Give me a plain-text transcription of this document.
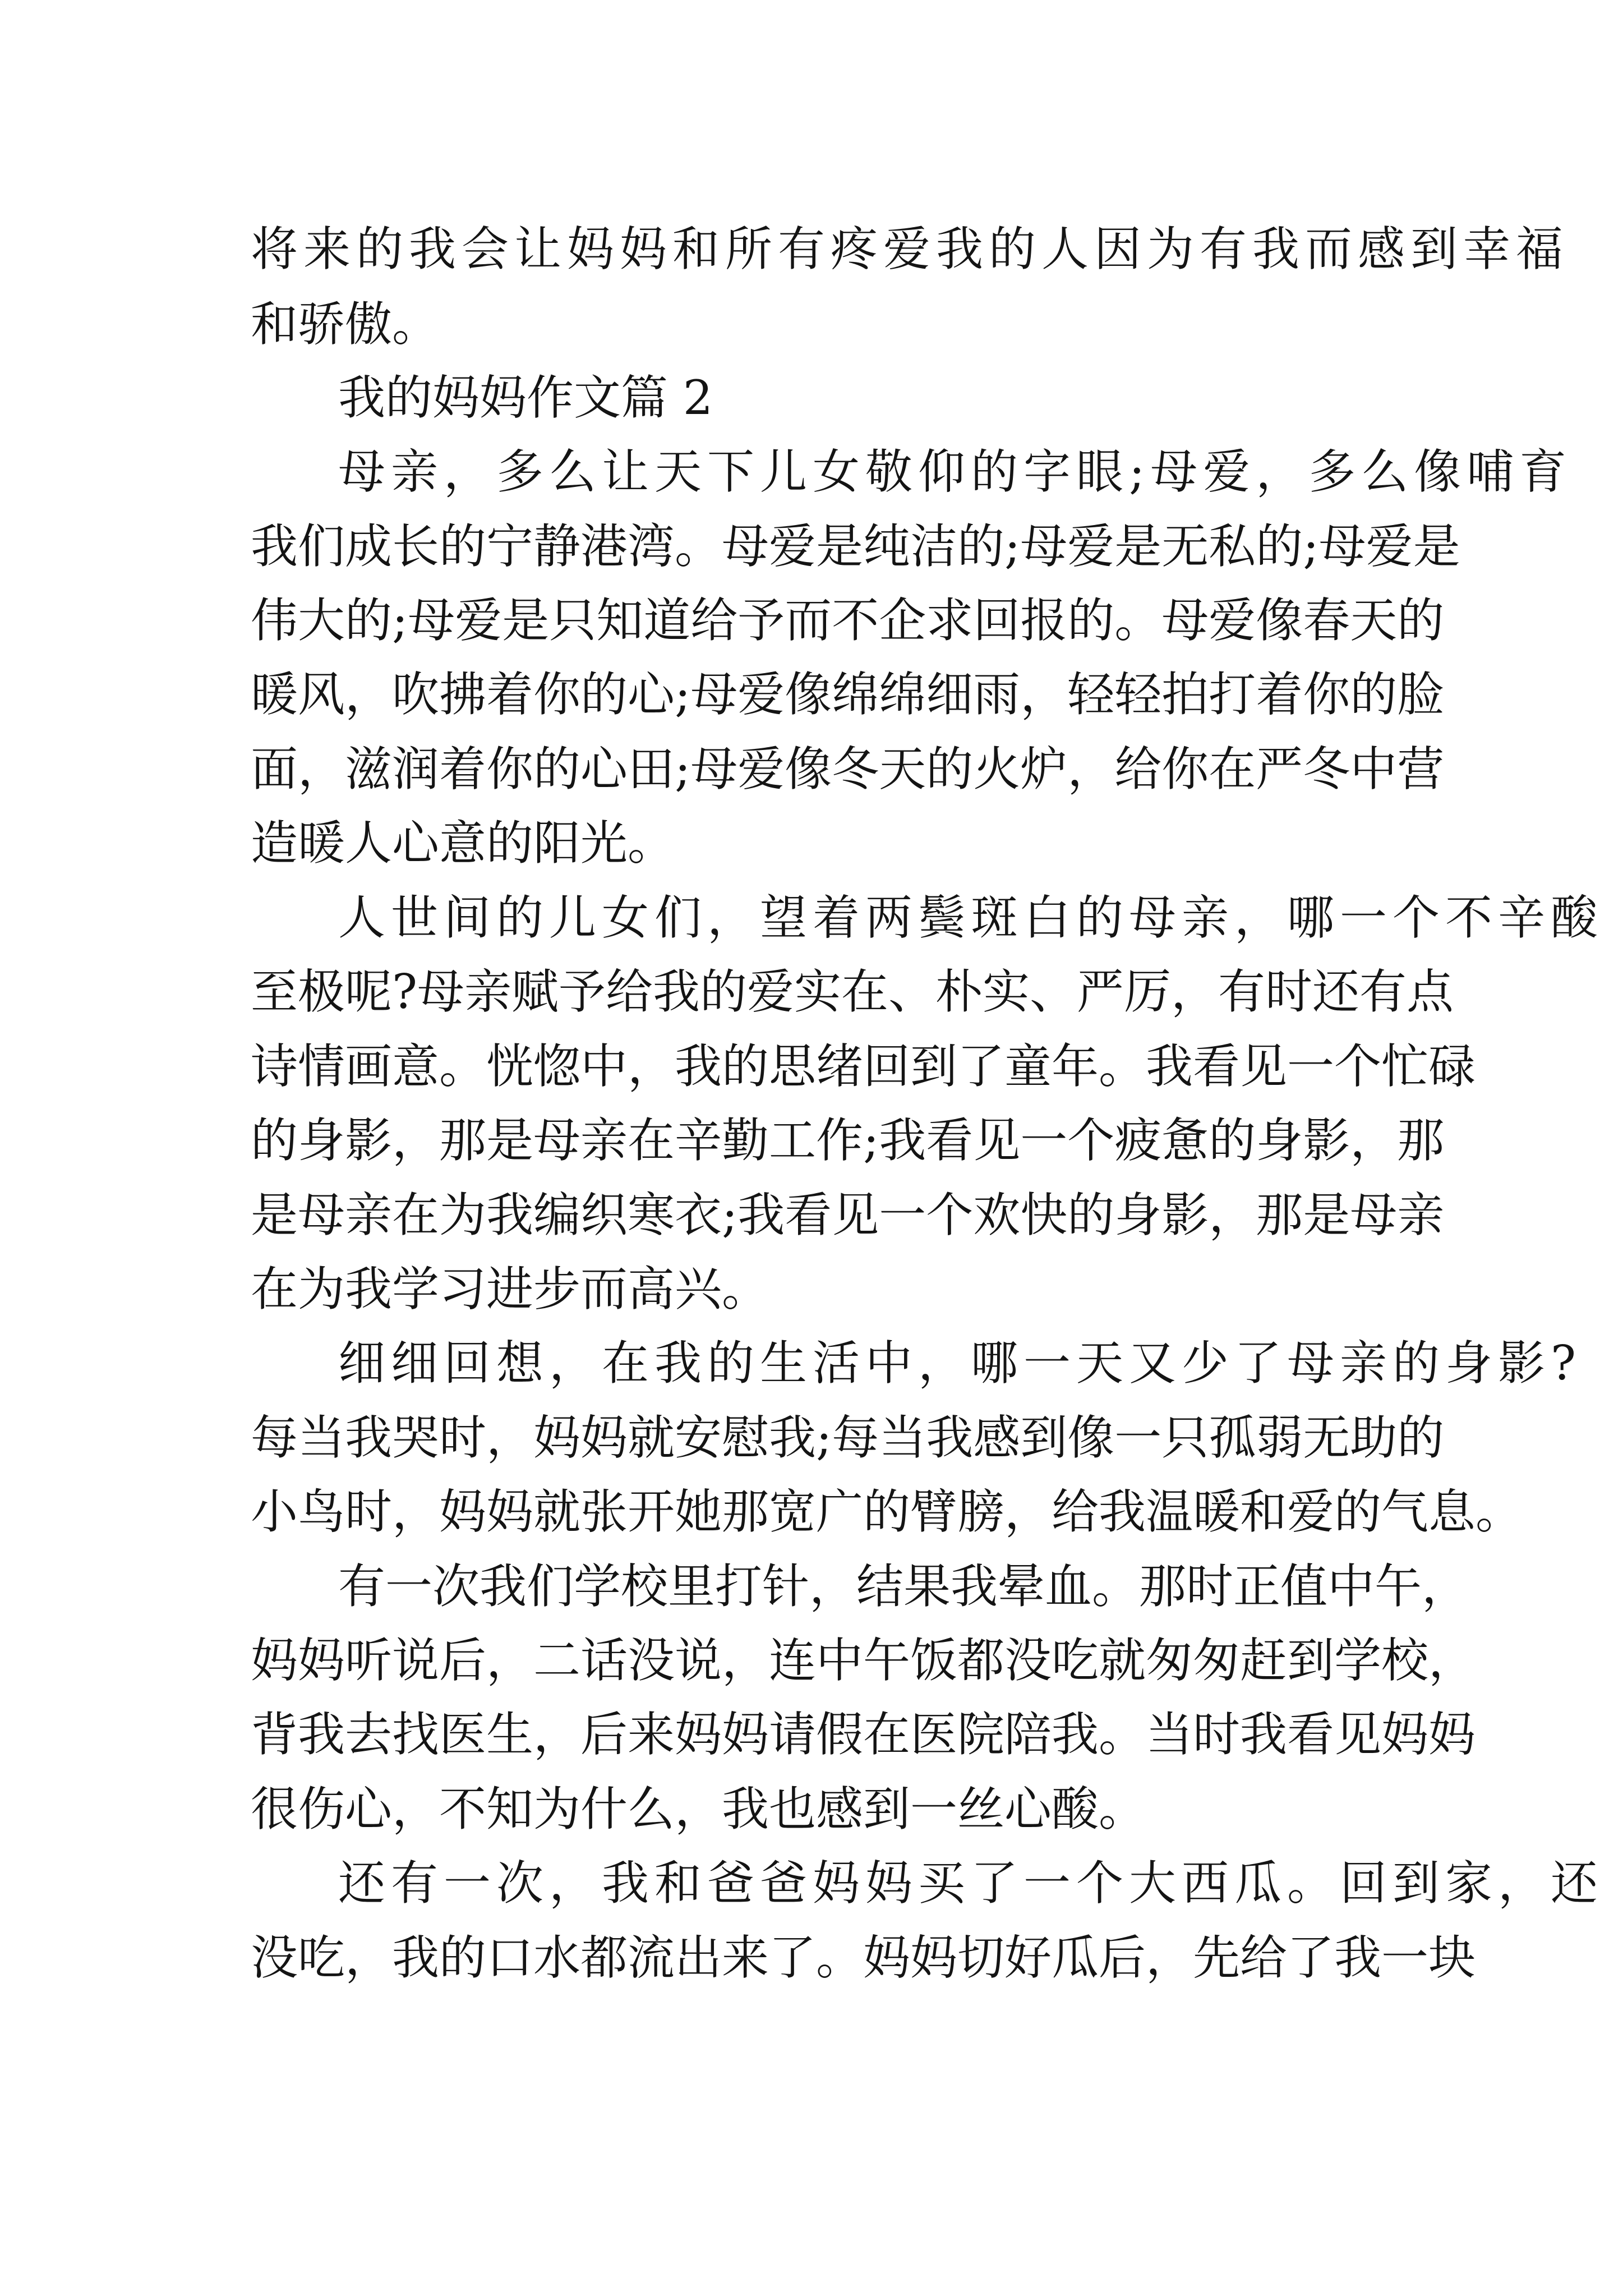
将来的我会让妈妈和所有疼爱我的人因为有我而感到幸福
和骄傲。
我的妈妈作文篇 2
母亲，多么让天下儿女敬仰的字眼;母爱，多么像哺育
我们成长的宁静港湾。母爱是纯洁的;母爱是无私的;母爱是
伟大的;母爱是只知道给予而不企求回报的。母爱像春天的
暖风，吹拂着你的心;母爱像绵绵细雨，轻轻拍打着你的脸
面，滋润着你的心田;母爱像冬天的火炉，给你在严冬中营
造暖人心意的阳光。
人世间的儿女们，望着两鬓斑白的母亲，哪一个不辛酸
至极呢?母亲赋予给我的爱实在、朴实、严厉，有时还有点
诗情画意。恍惚中，我的思绪回到了童年。我看见一个忙碌
的身影，那是母亲在辛勤工作;我看见一个疲惫的身影，那
是母亲在为我编织寒衣;我看见一个欢快的身影，那是母亲
在为我学习进步而高兴。
细细回想，在我的生活中，哪一天又少了母亲的身影?
每当我哭时，妈妈就安慰我;每当我感到像一只孤弱无助的
小鸟时，妈妈就张开她那宽广的臂膀，给我温暖和爱的气息。
有一次我们学校里打针，结果我晕血。那时正值中午，
妈妈听说后，二话没说，连中午饭都没吃就匆匆赶到学校，
背我去找医生，后来妈妈请假在医院陪我。当时我看见妈妈
很伤心，不知为什么，我也感到一丝心酸。
还有一次，我和爸爸妈妈买了一个大西瓜。回到家，还
没吃，我的口水都流出来了。妈妈切好瓜后，先给了我一块
